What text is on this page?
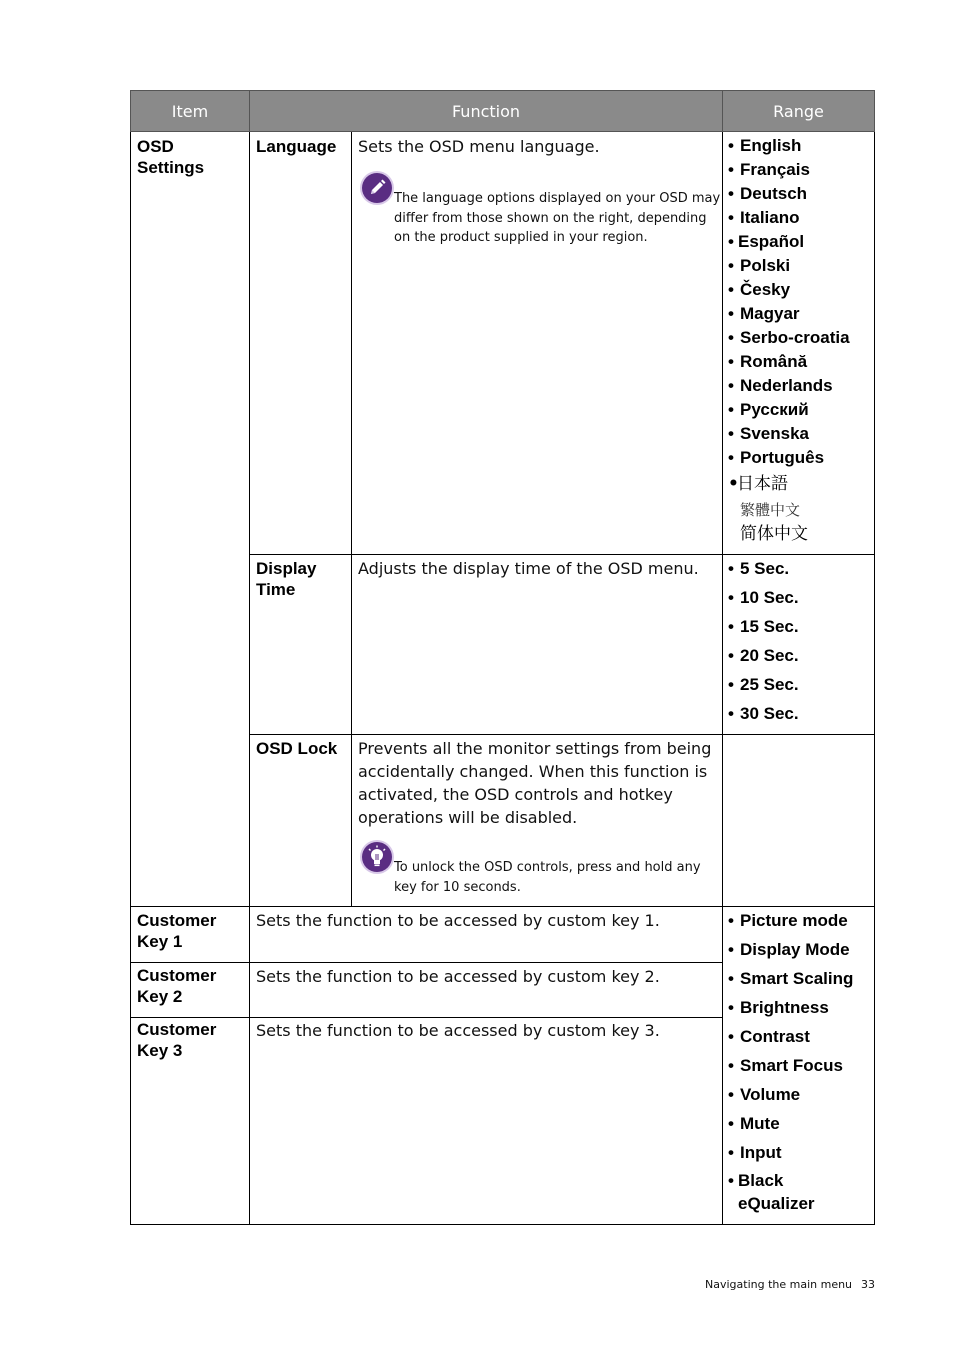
Item	Function	Range
OSD
Settings
Language Sets the OSD menu language.
The language options displayed on your OSD may
differ from those shown on the right, depending
on the product supplied in your region.
• English
• Français
• Deutsch
• Italiano
• Español
• Polski
• Česky
• Magyar
• Serbo-croatia
• Română
• Nederlands
• Русский
• Svenska
• Português
•日本語
繁體中文
简体中文
Display
Time
Adjusts the display time of the OSD menu. • 5 Sec.
• 10 Sec.
• 15 Sec.
• 20 Sec.
• 25 Sec.
• 30 Sec.
OSD Lock Prevents all the monitor settings from being
accidentally changed. When this function is
activated, the OSD controls and hotkey
operations will be disabled.
To unlock the OSD controls, press and hold any
key for 10 seconds.
Customer
Key 1
Sets the function to be accessed by custom key 1.
Customer
Key 2
Sets the function to be accessed by custom key 2.
Customer
Key 3
Sets the function to be accessed by custom key 3.
• Picture mode
• Display Mode
• Smart Scaling
• Brightness
• Contrast
• Smart Focus
• Volume
• Mute
• Input
• Black
eQualizer
Navigating the main menu 33
